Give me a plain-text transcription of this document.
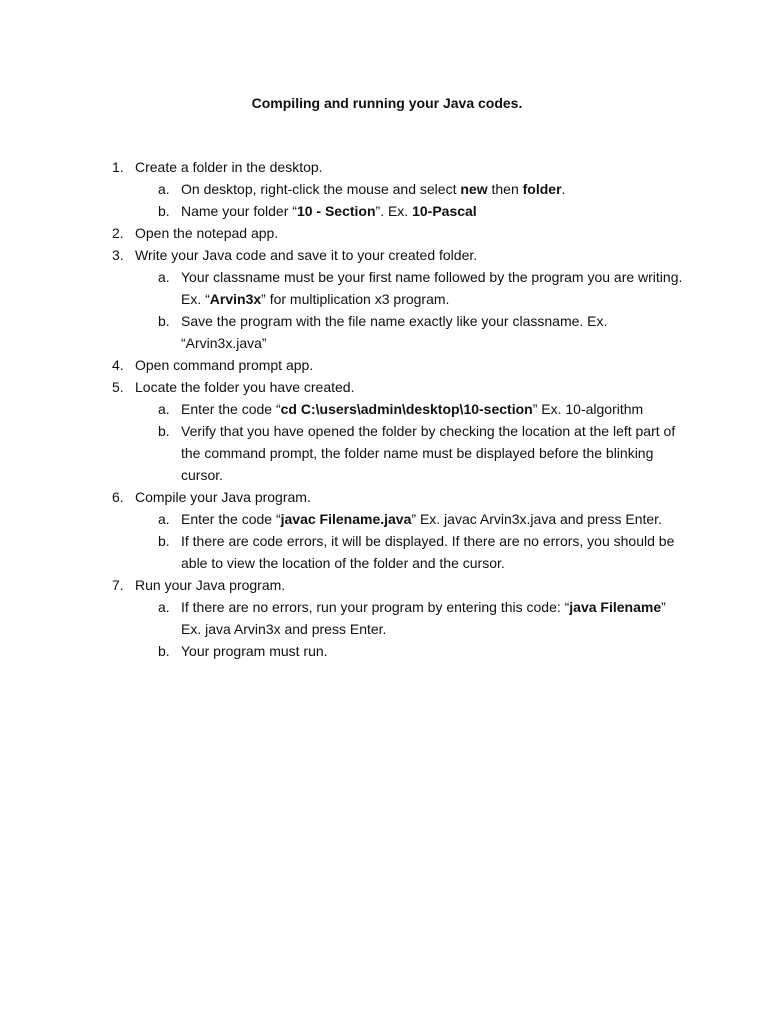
Compiling and running your Java codes.
1. Create a folder in the desktop.
a. On desktop, right-click the mouse and select new then folder.
b. Name your folder “10 - Section”. Ex. 10-Pascal
2. Open the notepad app.
3. Write your Java code and save it to your created folder.
a. Your classname must be your first name followed by the program you are writing. Ex. “Arvin3x” for multiplication x3 program.
b. Save the program with the file name exactly like your classname. Ex. “Arvin3x.java”
4. Open command prompt app.
5. Locate the folder you have created.
a. Enter the code “cd C:\users\admin\desktop\10-section” Ex. 10-algorithm
b. Verify that you have opened the folder by checking the location at the left part of the command prompt, the folder name must be displayed before the blinking cursor.
6. Compile your Java program.
a. Enter the code “javac Filename.java” Ex. javac Arvin3x.java and press Enter.
b. If there are code errors, it will be displayed. If there are no errors, you should be able to view the location of the folder and the cursor.
7. Run your Java program.
a. If there are no errors, run your program by entering this code: “java Filename” Ex. java Arvin3x and press Enter.
b. Your program must run.
